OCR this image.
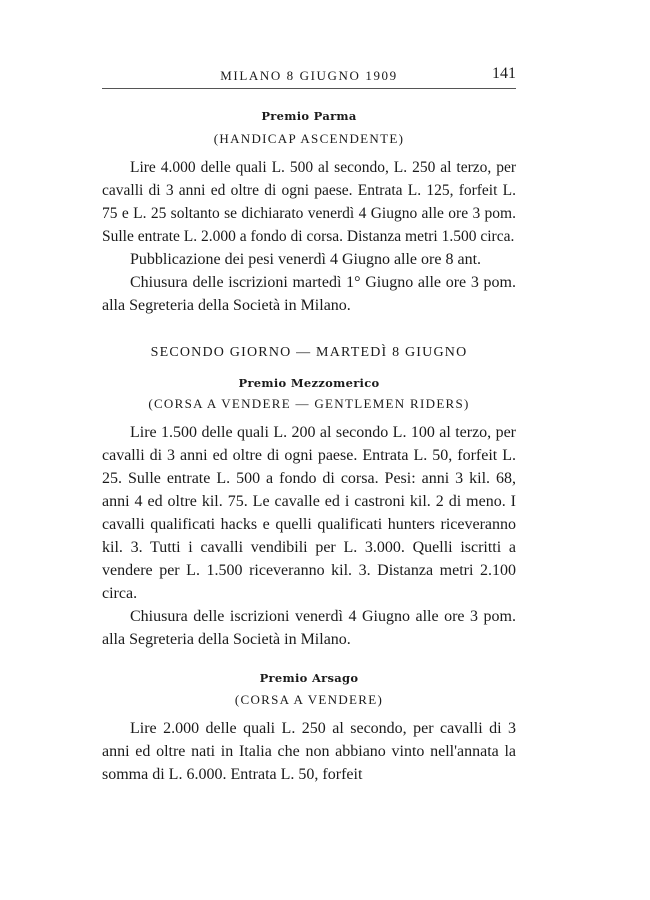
MILANO 8 GIUGNO 1909	141
Premio Parma
(HANDICAP ASCENDENTE)

Lire 4.000 delle quali L. 500 al secondo, L. 250 al terzo, per cavalli di 3 anni ed oltre di ogni paese. Entrata L. 125, forfeit L. 75 e L. 25 soltanto se dichiarato venerdì 4 Giugno alle ore 3 pom. Sulle entrate L. 2.000 a fondo di corsa. Distanza metri 1.500 circa.

Pubblicazione dei pesi venerdì 4 Giugno alle ore 8 ant.

Chiusura delle iscrizioni martedì 1° Giugno alle ore 3 pom. alla Segreteria della Società in Milano.

SECONDO GIORNO — MARTEDÌ 8 GIUGNO
Premio Mezzomerico
(CORSA A VENDERE — GENTLEMEN RIDERS)

Lire 1.500 delle quali L. 200 al secondo L. 100 al terzo, per cavalli di 3 anni ed oltre di ogni paese. Entrata L. 50, forfeit L. 25. Sulle entrate L. 500 a fondo di corsa. Pesi: anni 3 kil. 68, anni 4 ed oltre kil. 75. Le cavalle ed i castroni kil. 2 di meno. I cavalli qualificati hacks e quelli qualificati hunters riceveranno kil. 3. Tutti i cavalli vendibili per L. 3.000. Quelli iscritti a vendere per L. 1.500 riceveranno kil. 3. Distanza metri 2.100 circa.

Chiusura delle iscrizioni venerdì 4 Giugno alle ore 3 pom. alla Segreteria della Società in Milano.

Premio Arsago
(CORSA A VENDERE)

Lire 2.000 delle quali L. 250 al secondo, per cavalli di 3 anni ed oltre nati in Italia che non abbiano vinto nell'annata la somma di L. 6.000. Entrata L. 50, forfeit
